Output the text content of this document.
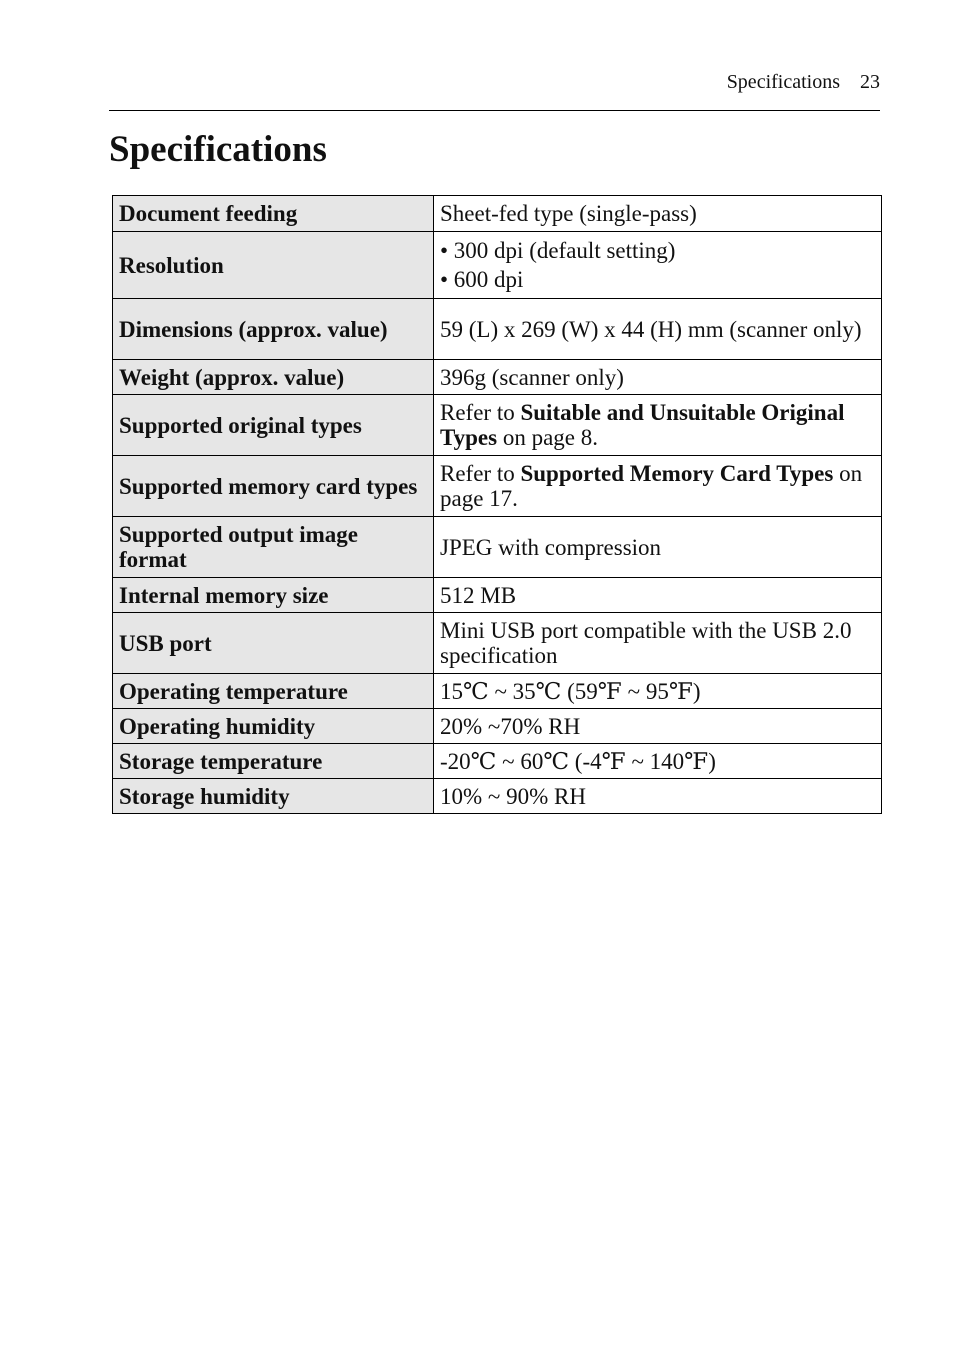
Specifications 23
Specifications
Document feeding	Sheet-fed type (single-pass)
Resolution	• 300 dpi (default setting)
• 600 dpi

Dimensions (approx. value)	59 (L) x 269 (W) x 44 (H) mm (scanner only)
Weight (approx. value)	396g (scanner only)
Supported original types	Refer to Suitable and Unsuitable Original Types on page 8.
Supported memory card types	Refer to Supported Memory Card Types on page 17.
Supported output image format	JPEG with compression
Internal memory size	512 MB
USB port	Mini USB port compatible with the USB 2.0 specification
Operating temperature	15℃ ~ 35℃ (59℉ ~ 95℉)
Operating humidity	20% ~70% RH
Storage temperature	-20℃ ~ 60℃ (-4℉ ~ 140℉)
Storage humidity	10% ~ 90% RH
